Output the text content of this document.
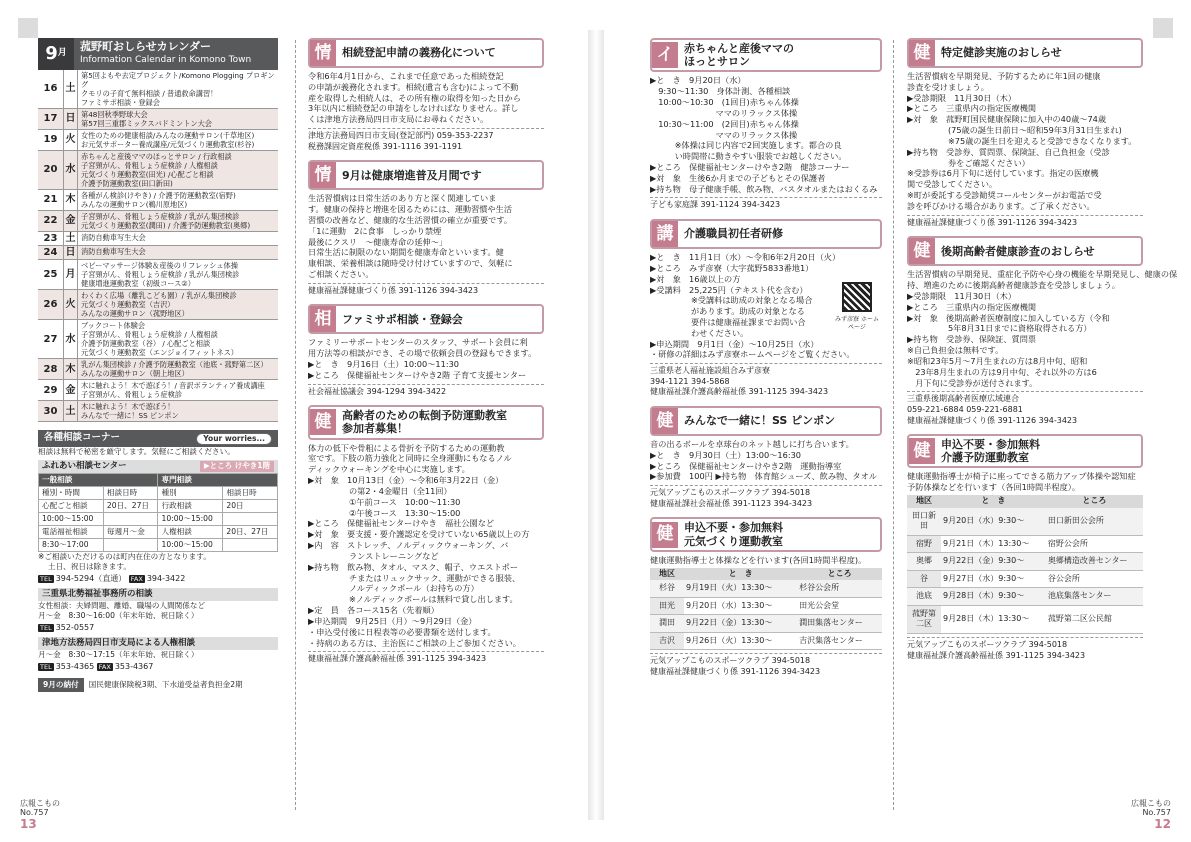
9 月
菰野町おしらせカレンダー
Information Calendar in Komono Town
16 土
第5回よもや去定プロジェクト/Komono Plogging プロギング
クモリの子育て無料相談 / 普通救命講習！
ファミサポ相談・登録会
17 日 第48回秋季野球大会
第57回三重郡ミックスバドミントン大会
19 火 女性のための健康相談/みんなの運動サロン(千草地区)
お元気サポーター養成講座/元気づくり運動教室(杉谷)
20 水
赤ちゃんと産後ママのほっとサロン / 行政相談
子宮頸がん、骨粗しょう症検診 / 人権相談
元気づくり運動教室(田光) /心配ごと相談
介護予防運動教室(田口新田)
21 木 各種がん検診(けやき) / 介護予防運動教室(宿野)
みんなの運動サロン(鵜川原地区)
22 金 子宮頸がん、骨粗しょう症検診 / 乳がん集団検診
元気づくり運動教室(潤田) / 介護予防運動教室(奥郷)
23 土 消防自動車写生大会
24 日 消防自動車写生大会
25 月
ベビーマッサージ体験＆産後のリフレッシュ体操
子宮頸がん、骨粗しょう症検診 / 乳がん集団検診
健康増進運動教室（初級コース②）
26 火
わくわく広場（離乳こども園）/ 乳がん集団検診
元気づくり運動教室（吉沢）
みんなの運動サロン（菰野地区）
27 水
ブックコート体験会
子宮頸がん、骨粗しょう症検診 / 人権相談
介護予防運動教室（谷） / 心配ごと相談
元気づくり運動教室（エンジョイフィットネス）
28 木 乳がん集団検診 / 介護予防運動教室（池底・菰野第二区）
みんなの運動サロン（朝上地区）
29 金 木に触れよう！木で遊ぼう！/ 音訳ボランティア養成講座
子宮頸がん、骨粗しょう症検診
30 土 木に触れよう！木で遊ぼう！
みんなで一緒に！SS ピンポン
各種相談コーナー	Your worries...
相談は無料で秘密を厳守します。気軽にご相談ください。
ふれあい相談センター	▶ところ けやき1階
一般相談		専門相談	
種別・時間	相談日時	種別	相談日時
心配ごと相談	20日、27日	行政相談	20日
10:00～15:00		10:00～15:00	
電話福祉相談	毎週月～金	人権相談	20日、27日
8:30～17:00		10:00～15:00	
※ご相談いただけるのは町内在住の方となります。
土日、祝日は除きます。
TEL 394-5294（直通） FAX 394-3422
三重県北勢福祉事務所の相談
女性相談：夫婦問題、離婚、職場の人間関係など
月～金　8:30～16:00（年末年始、祝日除く）
TEL 352-0557
津地方法務局四日市支局による人権相談
月～金　8:30～17:15（年末年始、祝日除く）
TEL 353-4365 FAX 353-4367
9月の納付	国民健康保険税3期、下水道受益者負担金2期
情 相続登記申請の義務化について
令和6年4月1日から、これまで任意であった相続登記
の申請が義務化されます。相続(遺言も含む)によって不動
産を取得した相続人は、その所有権の取得を知った日から
3年以内に相続登記の申請をしなければなりません。詳し
くは津地方法務局四日市支局にお尋ねください。
津地方法務局四日市支局(登記部門) 059-353-2237
税務課固定資産税係 391-1116 391-1191
情 9月は健康増進普及月間です
生活習慣病は日常生活のあり方と深く関連していま
す。健康の保持と増進を図るためには、運動習慣や生活
習慣の改善など、健康的な生活習慣の確立が重要です。
「1に運動　2に食事　しっかり禁煙
最後にクスリ　～健康寿命の延伸～」
日常生活に制限のない期間を健康寿命といいます。健
康相談、栄養相談は随時受け付けていますので、気軽に
ご相談ください。
健康福祉課健康づくり係 391-1126 394-3423
相 ファミサポ相談・登録会
ファミリーサポートセンターのスタッフ、サポート会員に利
用方法等の相談ができ、その場で依頼会員の登録もできます。
▶と　き　9月16日（土）10:00～11:30
▶ところ　保健福祉センターけやき2階 子育て支援センター
社会福祉協議会 394-1294 394-3422
健 高齢者のための転倒予防運動教室
参加者募集！
体力の低下や骨粗による骨折を予防するための運動教
室です。下肢の筋力強化と同時に全身運動にもなるノル
ディックウォーキングを中心に実施します。
▶対　象　10月13日（金）～令和6年3月22日（金）
　　　　　の第2・4金曜日（全11回）
　　　　　①午前コース　10:00～11:30
　　　　　②午後コース　13:30～15:00
▶ところ　保健福祉センターけやき　福社公園など
▶対　象　要支援・要介護認定を受けていない65歳以上の方
▶内　容　ストレッチ、ノルディックウォーキング、バ
　　　　　ランストレーニングなど
▶持ち物　飲み物、タオル、マスク、帽子、ウエストポー
　　　　　チまたはリュックサック、運動ができる服装、
　　　　　ノルディックポール（お持ちの方）
　　　　　※ノルディックポールは無料で貸し出します。
▶定　員　各コース15名（先着順）
▶申込期間　9月25日（月）～9月29日（金）
・申込受付後に日程表等の必要書類を送付します。
・持病のある方は、主治医にご相談の上ご参加ください。
健康福祉課介護高齢福祉係 391-1125 394-3423
イ 赤ちゃんと産後ママの
ほっとサロン
▶と　き　9月20日（水）
　9:30～11:30　身体計測、各種相談
　10:00～10:30　(1回目)赤ちゃん体操
　　　　　　　　ママのリラックス体操
　10:30～11:00　(2回目)赤ちゃん体操
　　　　　　　　ママのリラックス体操
　　　※体操は同じ内容で2回実施します。都合の良
　　　い時間帯に動きやすい服装でお越しください。
▶ところ　保健福祉センターけやき2階　健診コーナー
▶対　象　生後6か月までの子どもとその保護者
▶持ち物　母子健康手帳、飲み物、バスタオルまたはおくるみ
子ども家庭課 391-1124 394-3423
講 介護職員初任者研修
▶と　き　11月1日（水）～令和6年2月20日（火）
▶ところ　みず彦寮（大字菰野5833番地1）
▶対　象　16歳以上の方
▶受講料　25,225円（テキスト代を含む）
　　　　　※受講料は助成の対象となる場合
　　　　　があります。助成の対象となる
　　　　　要件は健康福祉課までお問い合
　　　　　わせください。
▶申込期間　9月1日（金）～10月25日（水）
・研修の詳細はみず彦寮ホームページをご覧ください。
みず彦寮 ホームページ
三重県老人福祉施設組合みず彦寮
394-1121 394-5868
健康福祉課介護高齢福祉係 391-1125 394-3423
健 みんなで一緒に！SS ピンポン
音の出るボールを卓球台のネット越しに打ち合います。
▶と　き　9月30日（土）13:00～16:30
▶ところ　保健福祉センターけやき2階　運動指導室
▶参加費　100円 ▶持ち物　体育館シューズ、飲み物、タオル
元気アップこものスポーツクラブ 394-5018
健康福祉課社会福祉係 391-1123 394-3423
健 申込不要・参加無料
元気づくり運動教室
健康運動指導士と体操などを行います(各回1時間半程度)。
地区	と　き	ところ
杉谷	9月19日（火）13:30～	杉谷公会所
田光	9月20日（水）13:30～	田光公会堂
潤田	9月22日（金）13:30～	潤田集落センター
吉沢	9月26日（火）13:30～	吉沢集落センター
元気アップこものスポーツクラブ 394-5018
健康福祉課健康づくり係 391-1126 394-3423
健 特定健診実施のおしらせ
生活習慣病を早期発見、予防するために年1回の健康
診査を受けましょう。
▶受診期限　11月30日（木）
▶ところ　三重県内の指定医療機関
▶対　象　菰野町国民健康保険に加入中の40歳～74歳
　　　　　(75歳の誕生日前日～昭和59年3月31日生まれ)
　　　　　※75歳の誕生日を迎えると受診できなくなります。
▶持ち物　受診券、質問票、保険証、自己負担金（受診
　　　　　券をご確認ください）
※受診券は6月下旬に送付しています。指定の医療機
関で受診してください。
※町が委託する受診勧奨コールセンターがお電話で受
診を呼びかける場合があります。ご了承ください。
健康福祉課健康づくり係 391-1126 394-3423
健 後期高齢者健康診査のおしらせ
生活習慣病の早期発見、重症化予防や心身の機能を早期発見し、健康の保
持、増進のために後期高齢者健康診査を受診しましょう。
▶受診期限　11月30日（木）
▶ところ　三重県内の指定医療機関
▶対　象　後期高齢者医療制度に加入している方（令和
　　　　　5年8月31日までに資格取得される方）
▶持ち物　受診券、保険証、質問票
※自己負担金は無料です。
※昭和23年5月～7月生まれの方は8月中旬、昭和
　23年8月生まれの方は9月中旬、それ以外の方は6
　月下旬に受診券が送付されます。
三重県後期高齢者医療広域連合
059-221-6884 059-221-6881
健康福祉課健康づくり係 391-1126 394-3423
健 申込不要・参加無料
介護予防運動教室
健康運動指導士が椅子に座ってできる筋力アップ体操や認知症予防体操などを行います（各回1時間半程度）。
地区	と　き	ところ
田口新田	9月20日（水）9:30～	田口新田公会所
宿野	9月21日（木）13:30～	宿野公会所
奥郷	9月22日（金）9:30～	奥郷構造改善センター
谷	9月27日（水）9:30～	谷公会所
池底	9月28日（木）9:30～	池底集落センター
菰野第二区	9月28日（木）13:30～	菰野第二区公民館
元気アップこものスポーツクラブ 394-5018
健康福祉課介護高齢福祉係 391-1125 394-3423
広報こもの
No.757
13
広報こもの
No.757
12
